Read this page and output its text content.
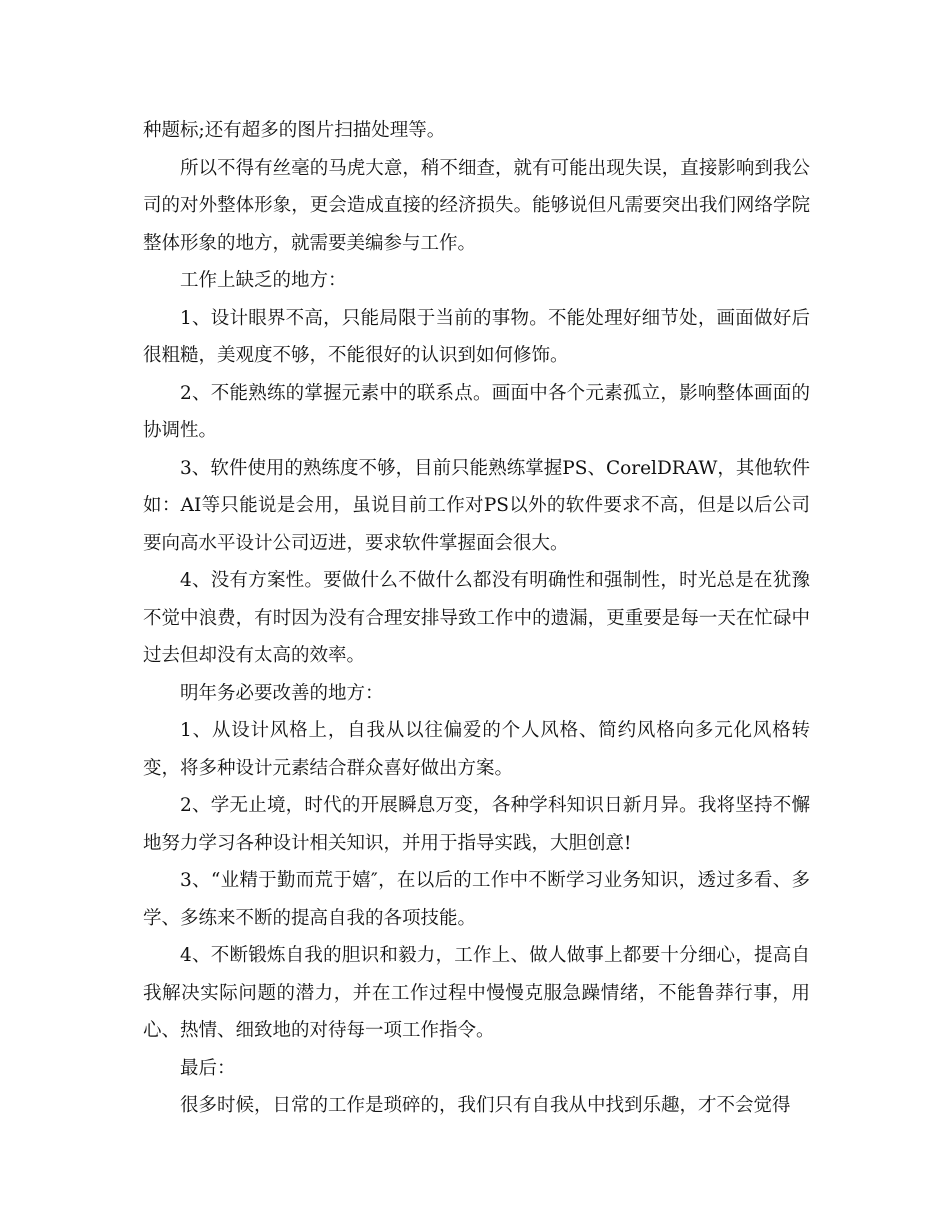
种题标;还有超多的图片扫描处理等。

所以不得有丝毫的马虎大意，稍不细查，就有可能出现失误，直接影响到我公司的对外整体形象，更会造成直接的经济损失。能够说但凡需要突出我们网络学院整体形象的地方，就需要美编参与工作。

工作上缺乏的地方：

1、设计眼界不高，只能局限于当前的事物。不能处理好细节处，画面做好后很粗糙，美观度不够，不能很好的认识到如何修饰。

2、不能熟练的掌握元素中的联系点。画面中各个元素孤立，影响整体画面的协调性。

3、软件使用的熟练度不够，目前只能熟练掌握PS、CorelDRAW，其他软件如：AI等只能说是会用，虽说目前工作对PS以外的软件要求不高，但是以后公司要向高水平设计公司迈进，要求软件掌握面会很大。

4、没有方案性。要做什么不做什么都没有明确性和强制性，时光总是在犹豫不觉中浪费，有时因为没有合理安排导致工作中的遗漏，更重要是每一天在忙碌中过去但却没有太高的效率。

明年务必要改善的地方：

1、从设计风格上，自我从以往偏爱的个人风格、简约风格向多元化风格转变，将多种设计元素结合群众喜好做出方案。

2、学无止境，时代的开展瞬息万变，各种学科知识日新月异。我将坚持不懈地努力学习各种设计相关知识，并用于指导实践，大胆创意!

3、“业精于勤而荒于嬉″，在以后的工作中不断学习业务知识，透过多看、多学、多练来不断的提高自我的各项技能。

4、不断锻炼自我的胆识和毅力，工作上、做人做事上都要十分细心，提高自我解决实际问题的潜力，并在工作过程中慢慢克服急躁情绪，不能鲁莽行事，用心、热情、细致地的对待每一项工作指令。

最后：

很多时候，日常的工作是琐碎的，我们只有自我从中找到乐趣，才不会觉得
